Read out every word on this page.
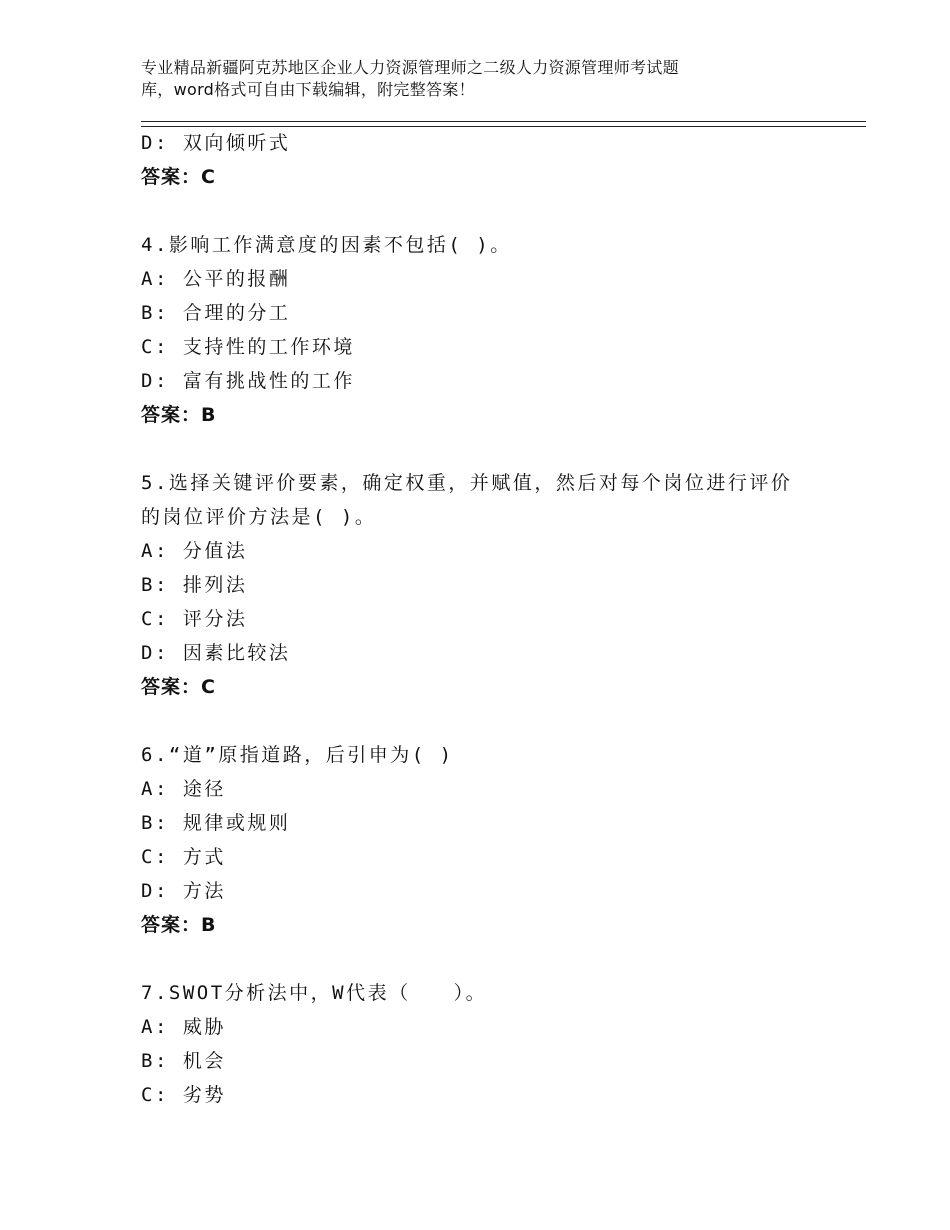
专业精品新疆阿克苏地区企业人力资源管理师之二级人力资源管理师考试题
库，word格式可自由下载编辑，附完整答案！
D: 双向倾听式
答案：C
4.影响工作满意度的因素不包括( )。
A: 公平的报酬
B: 合理的分工
C: 支持性的工作环境
D: 富有挑战性的工作
答案：B
5.选择关键评价要素，确定权重，并赋值，然后对每个岗位进行评价
的岗位评价方法是( )。
A: 分值法
B: 排列法
C: 评分法
D: 因素比较法
答案：C
6.“道”原指道路，后引申为( )
A: 途径
B: 规律或规则
C: 方式
D: 方法
答案：B
7.SWOT分析法中，W代表（　　）。
A: 威胁
B: 机会
C: 劣势
